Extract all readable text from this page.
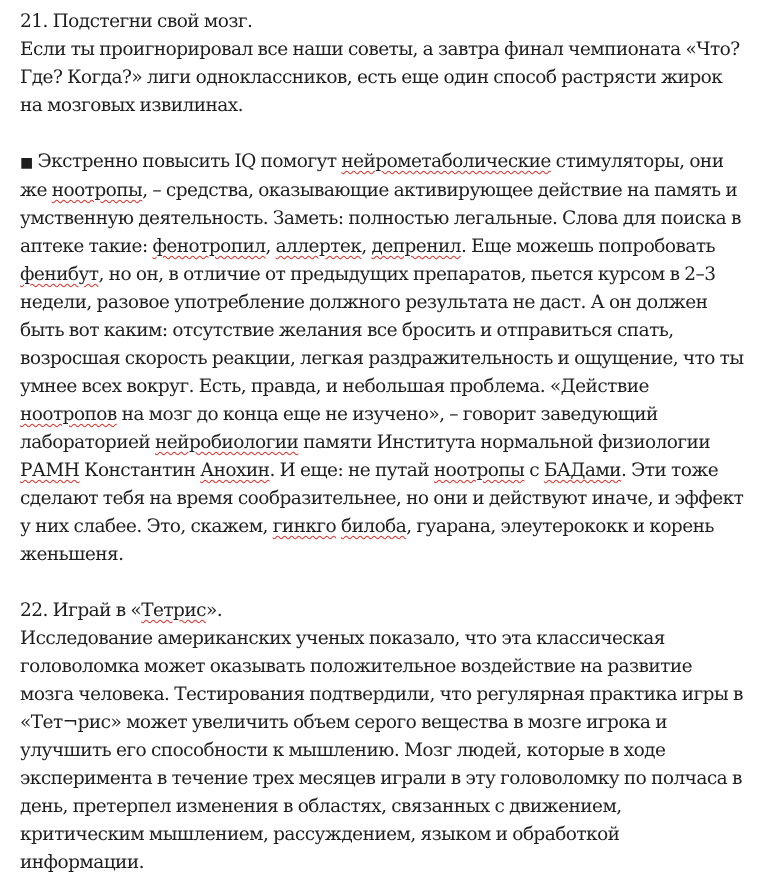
21. Подстегни свой мозг.

Если ты проигнорировал все наши советы, а завтра финал чемпионата «Что? Где? Когда?» лиги одноклассников, есть еще один способ растрясти жирок на мозговых извилинах.

■ Экстренно повысить IQ помогут нейрометаболические стимуляторы, они же ноотропы, – средства, оказывающие активирующее действие на память и умственную деятельность. Заметь: полностью легальные. Слова для поиска в аптеке такие: фенотропил, аллертек, депренил. Еще можешь попробовать фенибут, но он, в отличие от предыдущих препаратов, пьется курсом в 2–3 недели, разовое употребление должного результата не даст. А он должен быть вот каким: отсутствие желания все бросить и отправиться спать, возросшая скорость реакции, легкая раздражительность и ощущение, что ты умнее всех вокруг. Есть, правда, и небольшая проблема. «Действие ноотропов на мозг до конца еще не изучено», – говорит заведующий лабораторией нейробиологии памяти Института нормальной физиологии РАМН Константин Анохин. И еще: не путай ноотропы с БАДами. Эти тоже сделают тебя на время сообразительнее, но они и действуют иначе, и эффект у них слабее. Это, скажем, гинкго билоба, гуарана, элеутерококк и корень женьшеня.

22. Играй в «Тетрис».

Исследование американских ученых показало, что эта классическая головоломка может оказывать положительное воздействие на развитие мозга человека. Тестирования подтвердили, что регулярная практика игры в «Тет¬рис» может увеличить объем серого вещества в мозге игрока и улучшить его способности к мышлению. Мозг людей, которые в ходе эксперимента в течение трех месяцев играли в эту головоломку по полчаса в день, претерпел изменения в областях, связанных с движением, критическим мышлением, рассуждением, языком и обработкой информации.
